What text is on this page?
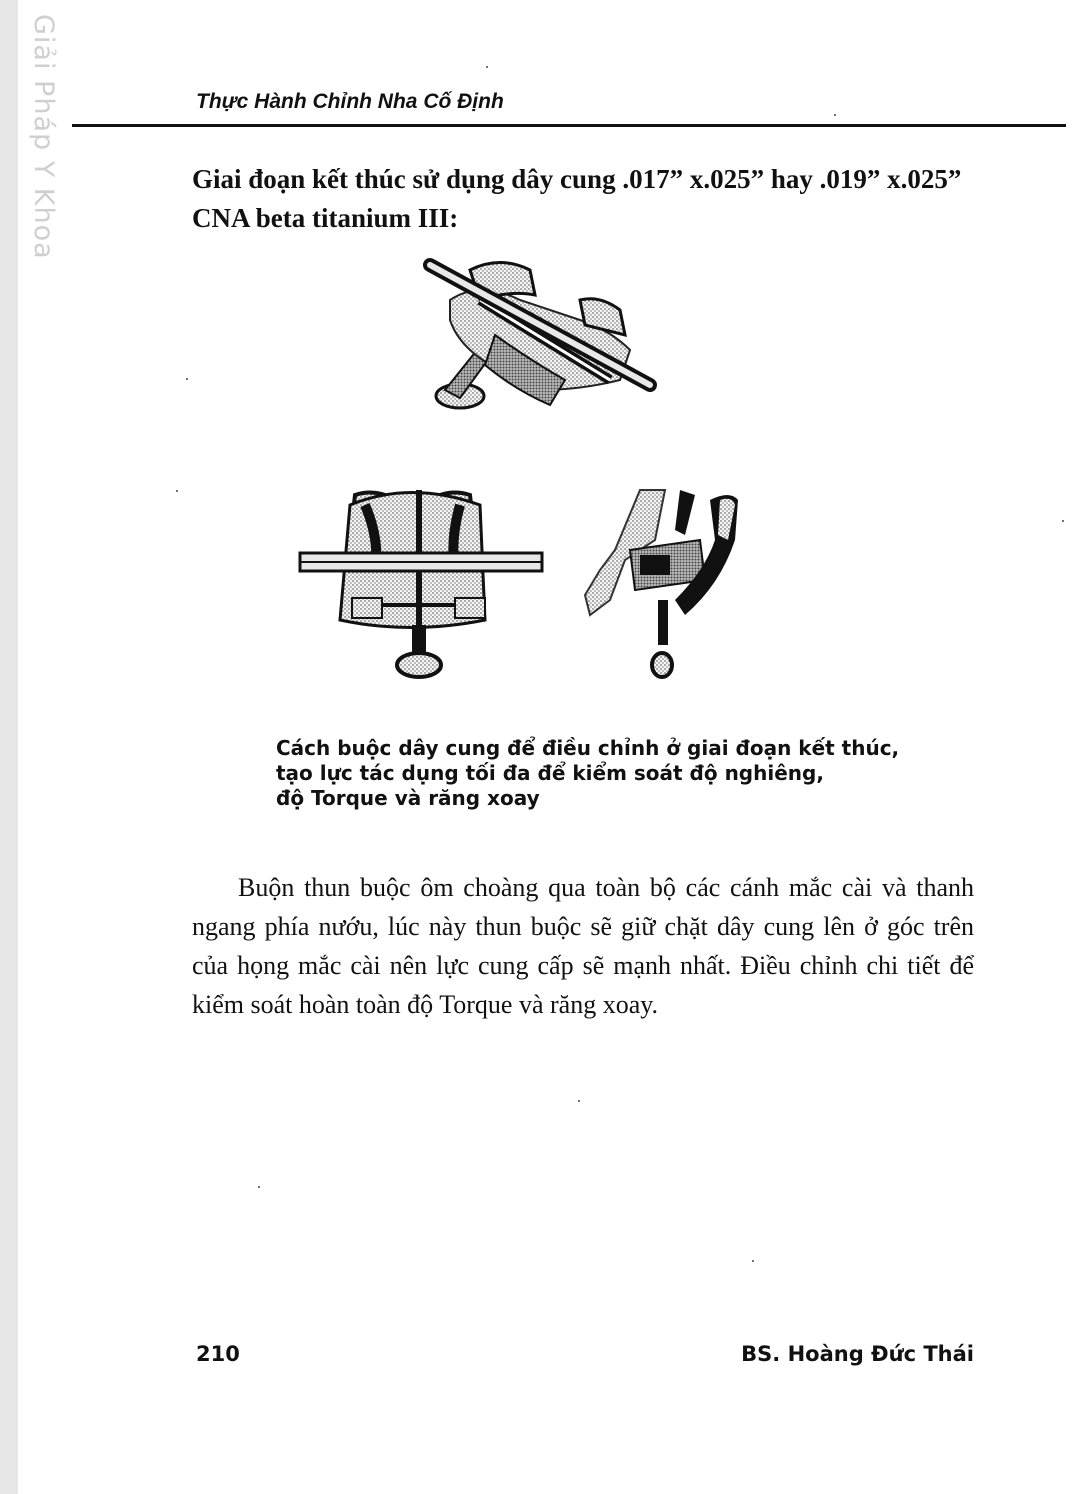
Giải Pháp Y Khoa	Thực Hành Chỉnh Nha Cố Định
Giai đoạn kết thúc sử dụng dây cung .017” x.025” hay .019” x.025” CNA beta titanium III:
Cách buộc dây cung để điều chỉnh ở giai đoạn kết thúc,
tạo lực tác dụng tối đa để kiểm soát độ nghiêng,
độ Torque và răng xoay

Buộn thun buộc ôm choàng qua toàn bộ các cánh mắc cài và thanh ngang phía nướu, lúc này thun buộc sẽ giữ chặt dây cung lên ở góc trên của họng mắc cài nên lực cung cấp sẽ mạnh nhất. Điều chỉnh chi tiết để kiểm soát hoàn toàn độ Torque và răng xoay.

210	BS. Hoàng Đức Thái
